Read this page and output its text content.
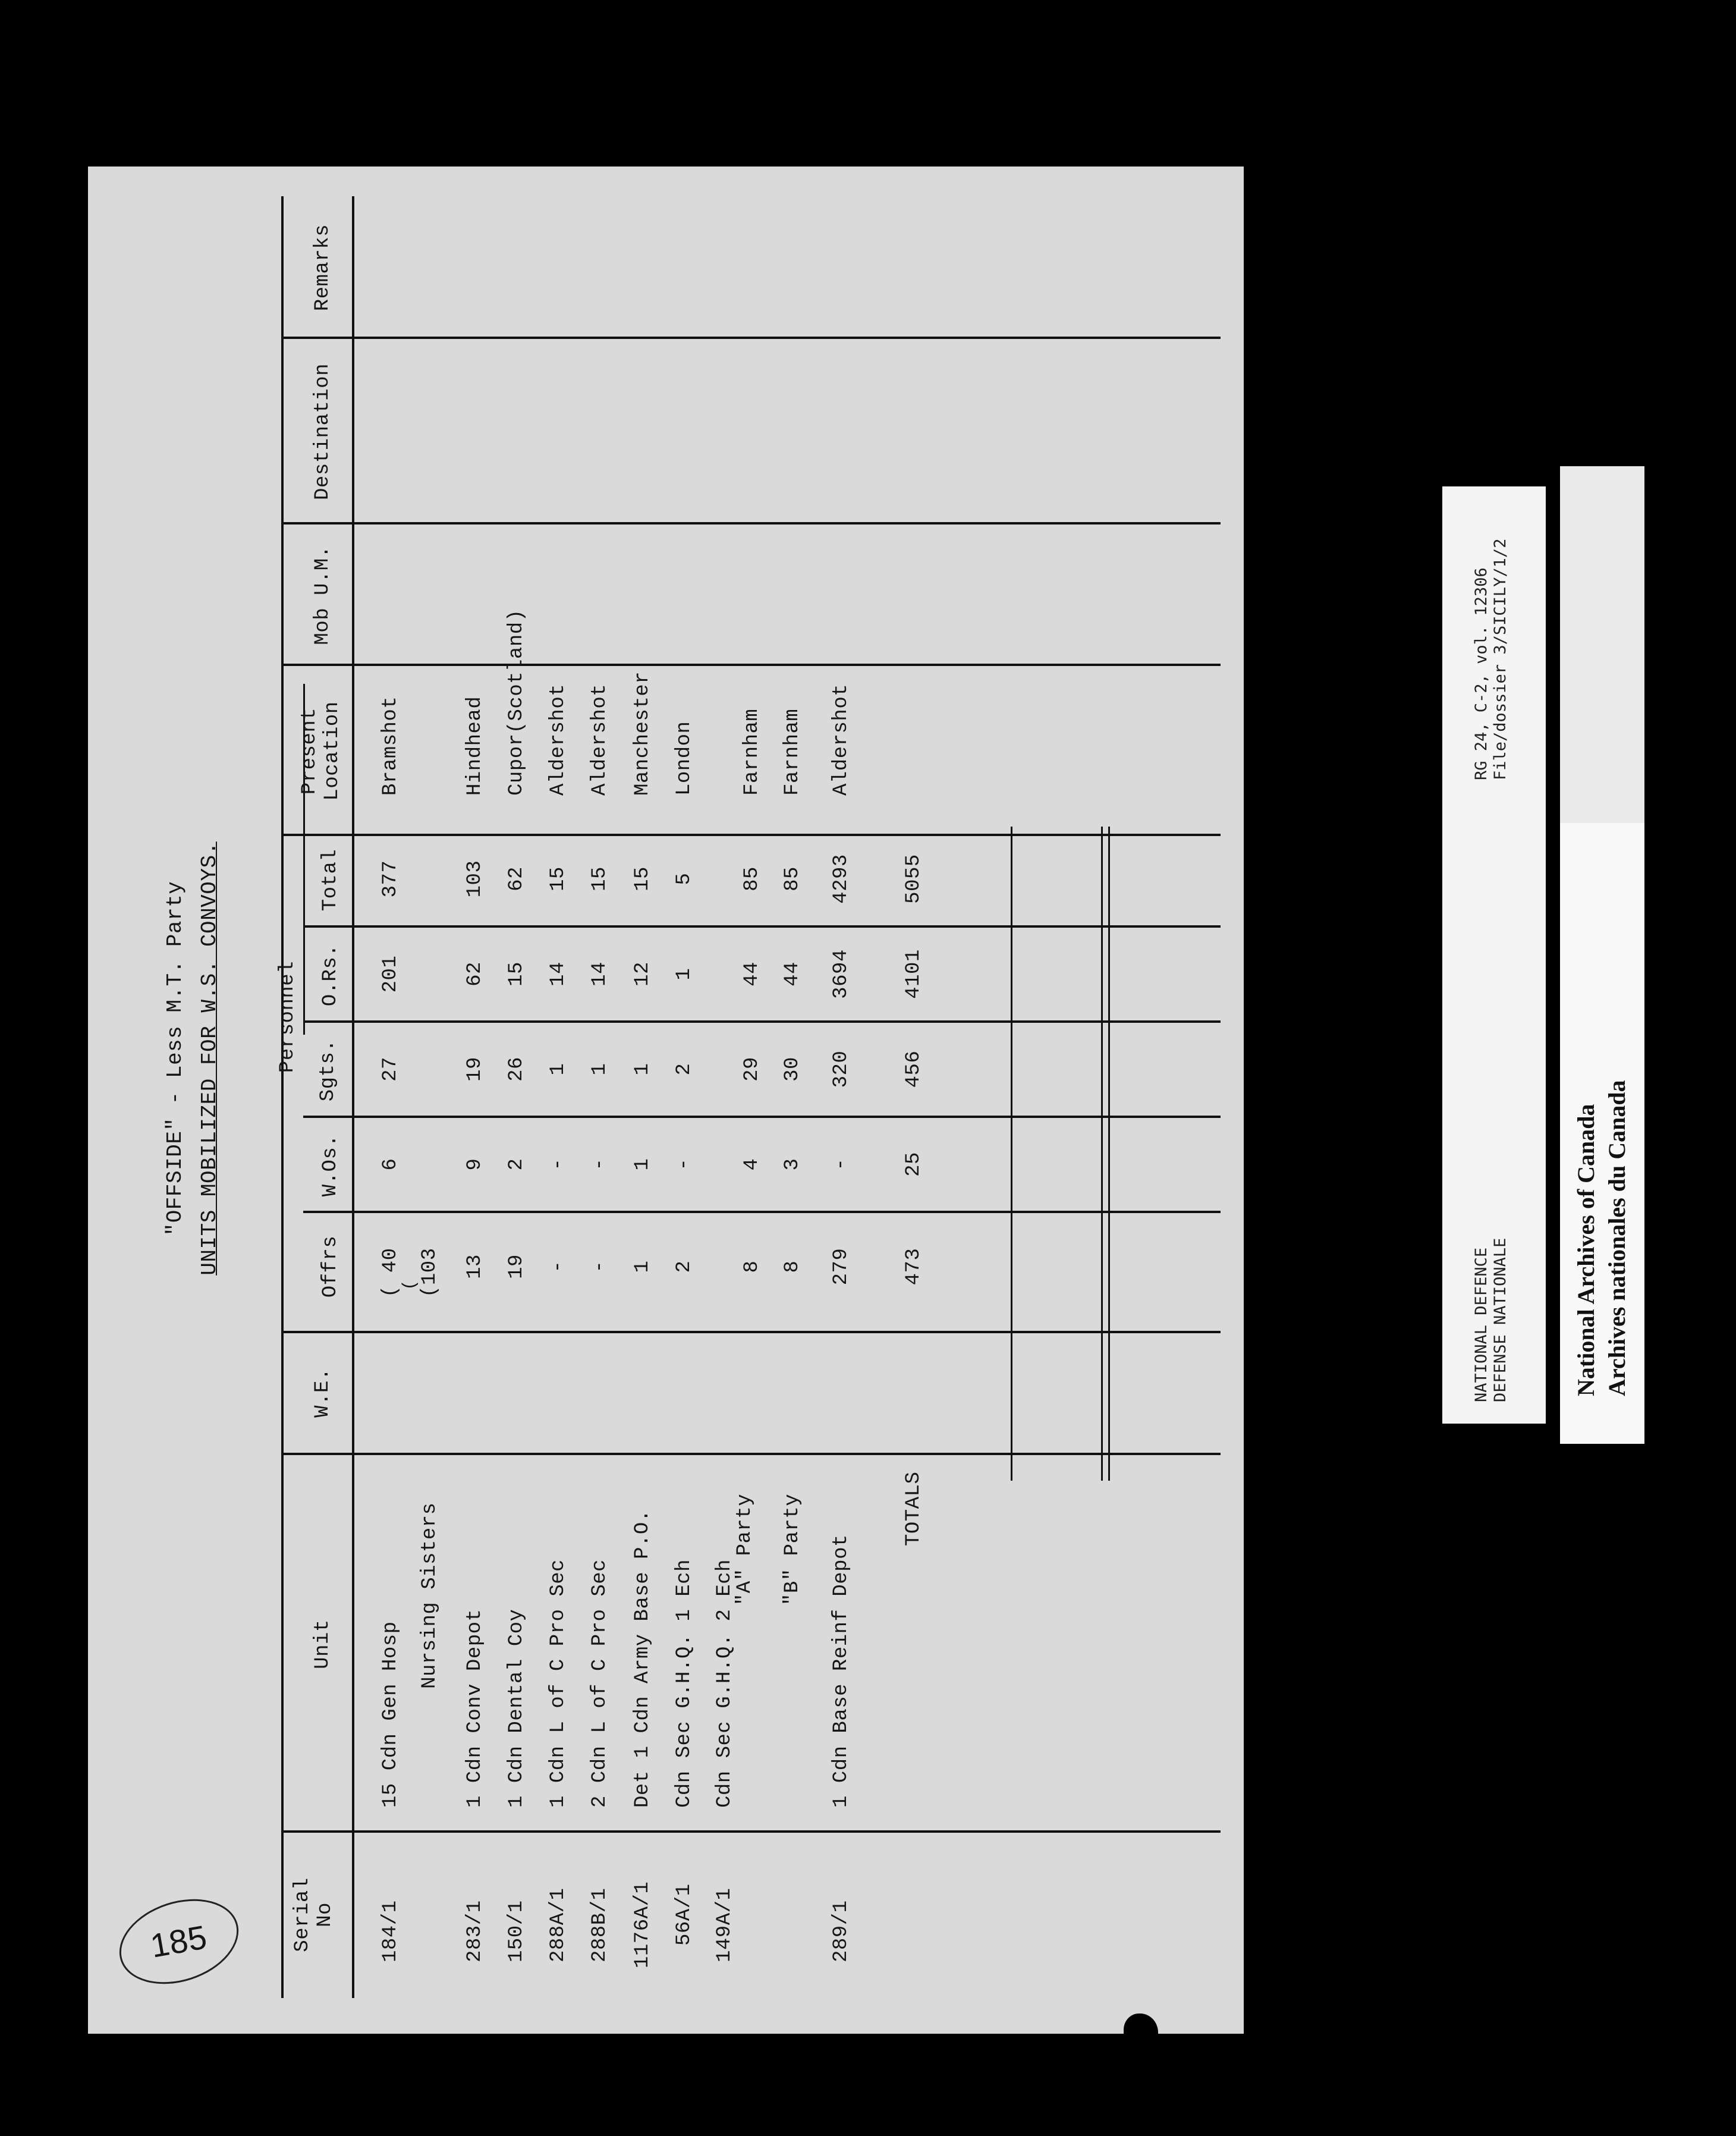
185
"OFFSIDE" - Less M.T. Party UNITS MOBILIZED FOR W.S. CONVOYS.
Serial No
Unit
W.E.
Personnel
Offrs
W.Os.
Sgts.
O.Rs.
Total
Present Location
Mob U.M.
Destination
Remarks
184/1
15 Cdn Gen Hosp
( 40
6
27
201
377
Bramshot
Nursing Sisters
(
(103
283/1
1 Cdn Conv Depot
13
9
19
62
103
Hindhead
150/1
1 Cdn Dental Coy
19
2
26
15
62
Cupor(Scotland)
288A/1
1 Cdn L of C Pro Sec
-
-
1
14
15
Aldershot
288B/1
2 Cdn L of C Pro Sec
-
-
1
14
15
Aldershot
1176A/1
Det 1 Cdn Army Base P.O.
1
1
1
12
15
Manchester
56A/1
Cdn Sec G.H.Q. 1 Ech
2
-
2
1
5
London
149A/1
Cdn Sec G.H.Q. 2 Ech
"A" Party
8
4
29
44
85
Farnham
"B" Party
8
3
30
44
85
Farnham
289/1
1 Cdn Base Reinf Depot
279
-
320
3694
4293
Aldershot
TOTALS
473
25
456
4101
5055
NATIONAL DEFENCE DEFENSE NATIONALE
RG 24, C-2, vol. 12306 File/dossier 3/SICILY/1/2
National Archives of Canada Archives nationales du Canada
